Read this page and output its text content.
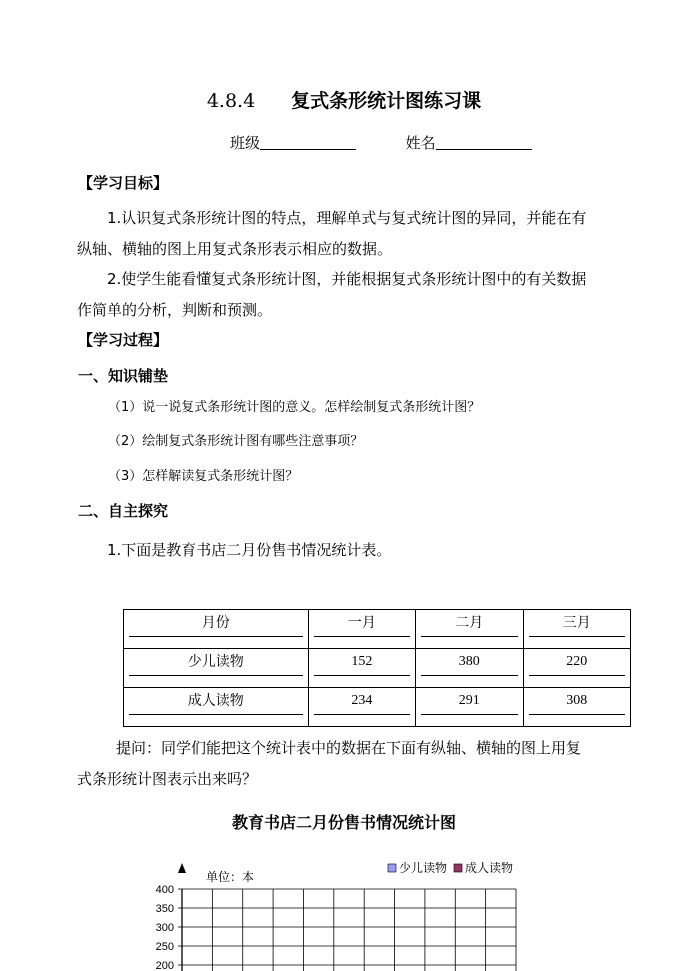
4.8.4 复式条形统计图练习课
班级	姓名
【学习目标】
1.认识复式条形统计图的特点，理解单式与复式统计图的异同，并能在有
纵轴、横轴的图上用复式条形表示相应的数据。
2.使学生能看懂复式条形统计图，并能根据复式条形统计图中的有关数据
作简单的分析，判断和预测。
【学习过程】
一、知识铺垫
（1）说一说复式条形统计图的意义。怎样绘制复式条形统计图？
（2）绘制复式条形统计图有哪些注意事项？
（3）怎样解读复式条形统计图？
二、自主探究
1.下面是教育书店二月份售书情况统计表。
月份	一月	二月	三月

少儿读物	152	380	220

成人读物	234	291	308
提问：同学们能把这个统计表中的数据在下面有纵轴、横轴的图上用复
式条形统计图表示出来吗？
教育书店二月份售书情况统计图
单位：本
400
350
300
250
200
少儿读物 成人读物
